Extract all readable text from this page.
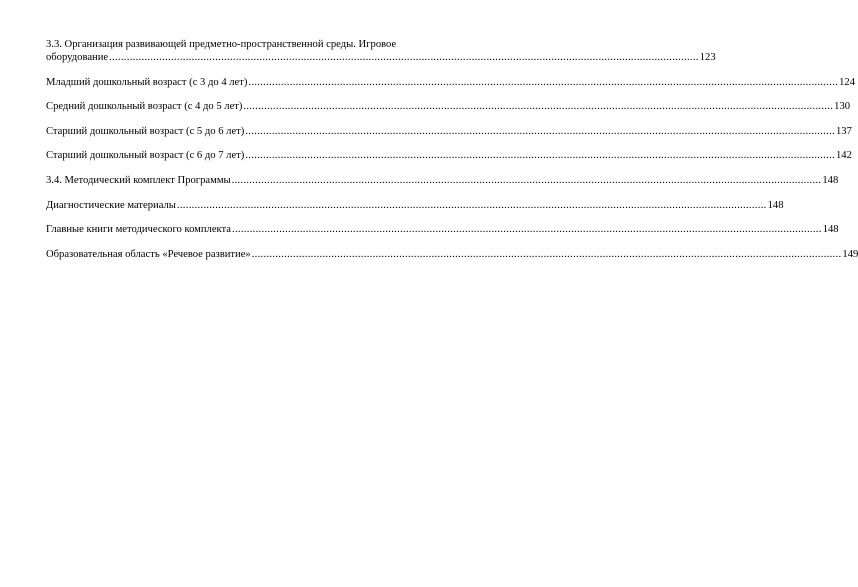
3.3. Организация развивающей предметно-пространственной среды. Игровое
оборудование ........................................................................................................................................................................................................ 123
Младший дошкольный возраст (с 3 до 4 лет) ........................................................................................................................................................................................................ 124
Средний дошкольный возраст (с 4 до 5 лет) ........................................................................................................................................................................................................ 130
Старший дошкольный возраст (с 5 до 6 лет) ........................................................................................................................................................................................................ 137
Старший дошкольный возраст (с 6 до 7 лет) ........................................................................................................................................................................................................ 142
3.4. Методический комплект Программы ........................................................................................................................................................................................................ 148
Диагностические материалы ........................................................................................................................................................................................................ 148
Главные книги методического комплекта ........................................................................................................................................................................................................ 148
Образовательная область «Речевое развитие» ........................................................................................................................................................................................................ 149
